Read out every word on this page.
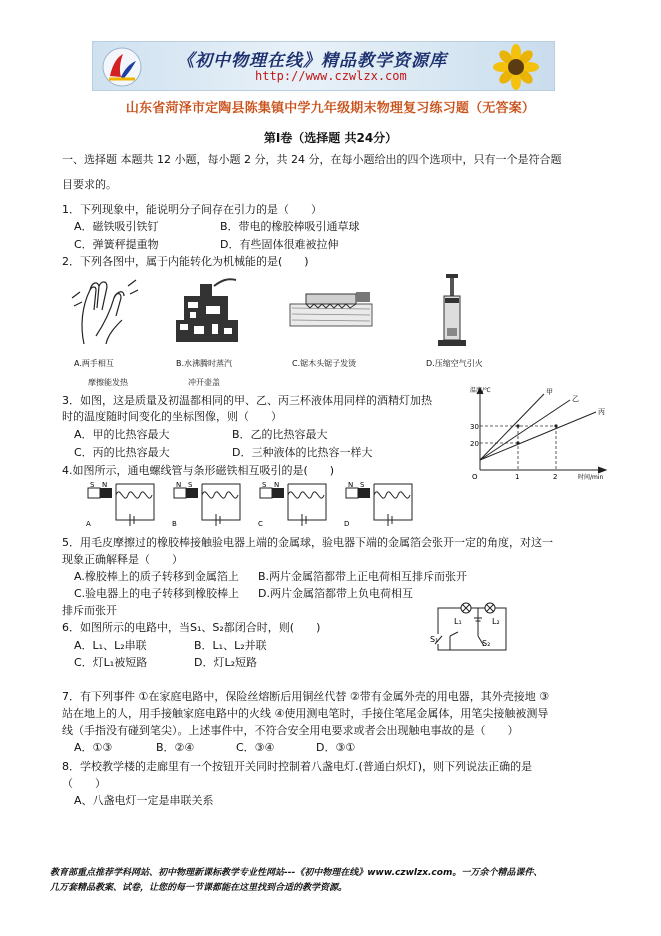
《初中物理在线》精品教学资源库
http://www.czwlzx.com
山东省菏泽市定陶县陈集镇中学九年级期末物理复习练习题（无答案）
第Ⅰ卷（选择题 共24分）
一、选择题 本题共 12 小题，每小题 2 分，共 24 分，在每小题给出的四个选项中，只有一个是符合题
目要求的。
1．下列现象中，能说明分子间存在引力的是（　　）
A．磁铁吸引铁钉	B．带电的橡胶棒吸引通草球
C．弹簧秤提重物	D．有些固体很难被拉伸
2．下列各图中，属于内能转化为机械能的是(　　)
A.两手相互
摩擦能发热
B.水沸腾时蒸汽
冲开壶盖
C.锯木头锯子发烫	D.压缩空气引火
3．如图，这是质量及初温都相同的甲、乙、丙三杯液体用同样的酒精灯加热
时的温度随时间变化的坐标图像，则（　　）
A．甲的比热容最大	B．乙的比热容最大
C．丙的比热容最大	D．三种液体的比热容一样大
温度/℃
时间/min
30
20
1	2
O
甲
乙
丙
4.如图所示，通电螺线管与条形磁铁相互吸引的是(　　)
S N
A
N S
B
S N
C
N S
D
5．用毛皮摩擦过的橡胶棒接触验电器上端的金属球，验电器下端的金属箔会张开一定的角度，对这一
现象正确解释是（　　）
A.橡胶棒上的质子转移到金属箔上 B.两片金属箔都带上正电荷相互排斥而张开
C.验电器上的电子转移到橡胶棒上 D.两片金属箔都带上负电荷相互
排斥而张开
6．如图所示的电路中，当S₁、S₂都闭合时，则(　　)
A．L₁、L₂串联	B．L₁、L₂并联
C．灯L₁被短路	D．灯L₂短路
L₁	L₂
S₁	S₂
7．有下列事件 ①在家庭电路中，保险丝熔断后用铜丝代替 ②带有金属外壳的用电器，其外壳接地 ③
站在地上的人，用手接触家庭电路中的火线 ④使用测电笔时，手接住笔尾金属体，用笔尖接触被测导
线（手指没有碰到笔尖）。上述事件中，不符合安全用电要求或者会出现触电事故的是（　　）
A．①③	B．②④	C．③④	D．③①
8．学校教学楼的走廊里有一个按钮开关同时控制着八盏电灯.(普通白炽灯)，则下列说法正确的是
（　　）
A、八盏电灯一定是串联关系
教育部重点推荐学科网站、初中物理新课标教学专业性网站---《初中物理在线》www.czwlzx.com。一万余个精品课件、
几万套精品教案、试卷，让您的每一节课都能在这里找到合适的教学资源。
